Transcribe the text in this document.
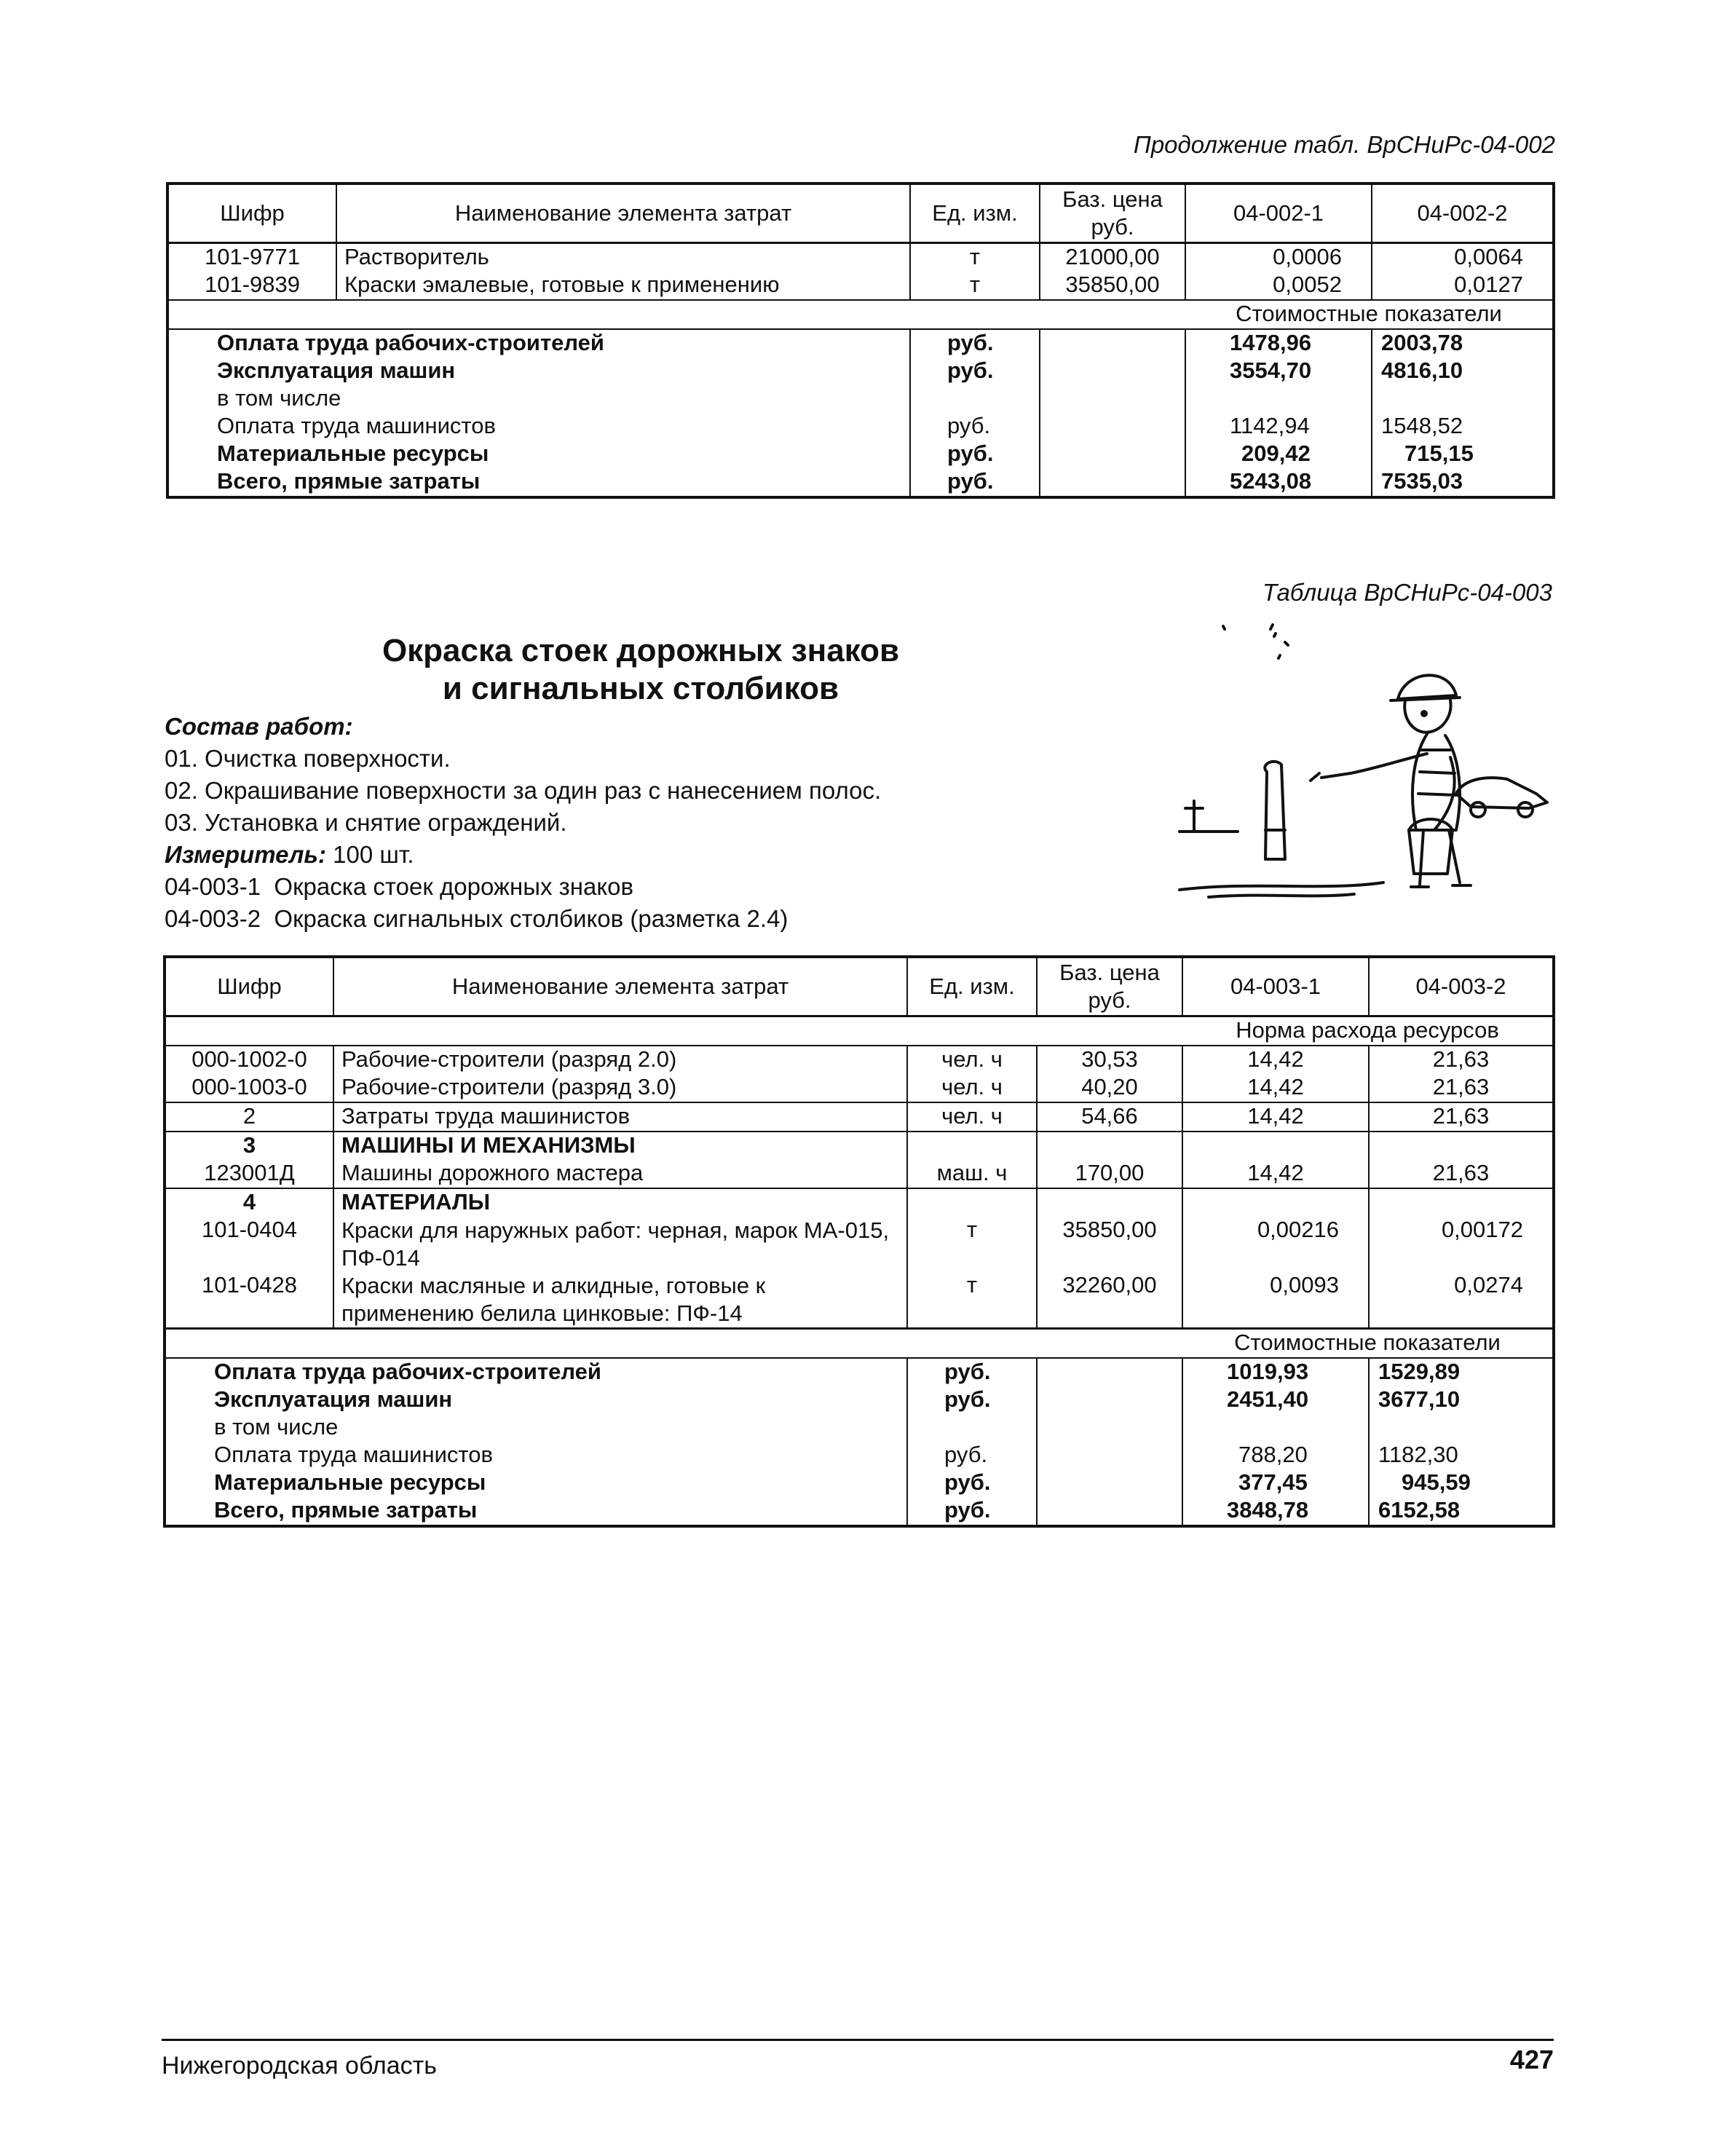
Продолжение табл. ВрСНиРс-04-002
Шифр	Наименование элемента затрат	Ед. изм.	Баз. цена руб.	04-002-1	04-002-2
101-9771	Растворитель	т	21000,00	0,0006	0,0064
101-9839	Краски эмалевые, готовые к применению	т	35850,00	0,0052	0,0127
				Стоимостные показатели	
Оплата труда рабочих-строителей		руб.		1478,96	2003,78
Эксплуатация машин		руб.		3554,70	4816,10
в том числе					
Оплата труда машинистов		руб.		1142,94	1548,52
Материальные ресурсы		руб.		209,42	715,15
Всего, прямые затраты		руб.		5243,08	7535,03
Таблица ВрСНиРс-04-003
Окраска стоек дорожных знаков
и сигнальных столбиков
Состав работ:
01. Очистка поверхности.
02. Окрашивание поверхности за один раз с нанесением полос.
03. Установка и снятие ограждений.
Измеритель: 100 шт.
04-003-1  Окраска стоек дорожных знаков
04-003-2  Окраска сигнальных столбиков (разметка 2.4)
Шифр	Наименование элемента затрат	Ед. изм.	Баз. цена руб.	04-003-1	04-003-2
				Норма расхода ресурсов	
000-1002-0	Рабочие-строители (разряд 2.0)	чел. ч	30,53	14,42	21,63
000-1003-0	Рабочие-строители (разряд 3.0)	чел. ч	40,20	14,42	21,63
2	Затраты труда машинистов	чел. ч	54,66	14,42	21,63
3	МАШИНЫ И МЕХАНИЗМЫ				
123001Д	Машины дорожного мастера	маш. ч	170,00	14,42	21,63
4	МАТЕРИАЛЫ				
101-0404	Краски для наружных работ: черная, марок МА-015, ПФ-014	т	35850,00	0,00216	0,00172
101-0428	Краски масляные и алкидные, готовые к применению белила цинковые: ПФ-14	т	32260,00	0,0093	0,0274
				Стоимостные показатели	
Оплата труда рабочих-строителей		руб.		1019,93	1529,89
Эксплуатация машин		руб.		2451,40	3677,10
в том числе					
Оплата труда машинистов		руб.		788,20	1182,30
Материальные ресурсы		руб.		377,45	945,59
Всего, прямые затраты		руб.		3848,78	6152,58
Нижегородская область	427
